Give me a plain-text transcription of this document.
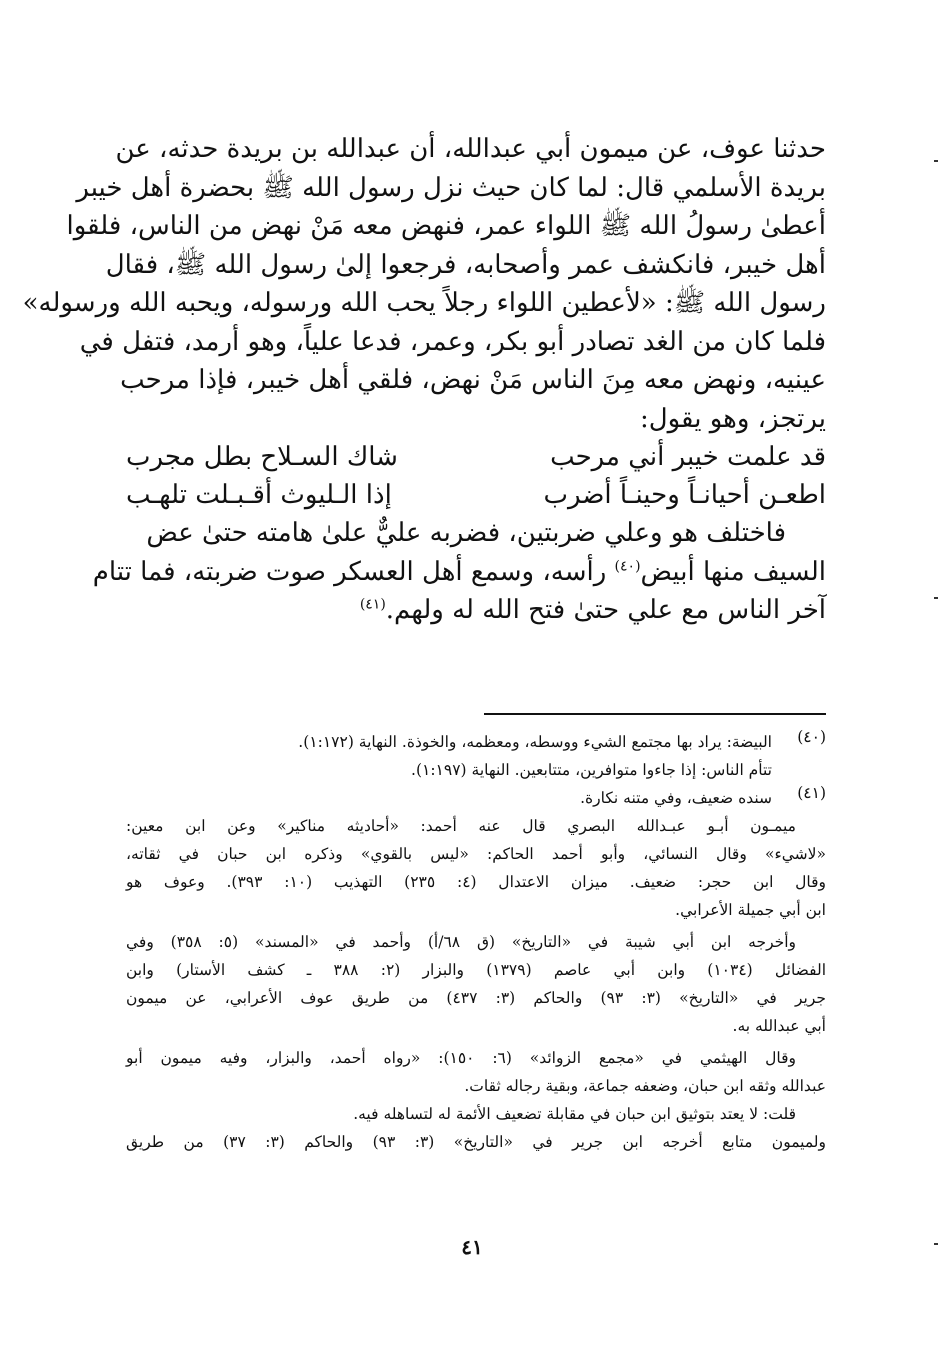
حدثنا عوف، عن ميمون أبي عبدالله، أن عبدالله بن بريدة حدثه، عن

بريدة الأسلمي قال: لما كان حيث نزل رسول الله ﷺ بحضرة أهل خيبر

أعطىٰ رسولُ الله ﷺ اللواء عمر، فنهض معه مَنْ نهض من الناس، فلقوا

أهل خيبر، فانكشف عمر وأصحابه، فرجعوا إلىٰ رسول الله ﷺ، فقال

رسول الله ﷺ: «لأعطين اللواء رجلاً يحب الله ورسوله، ويحبه الله ورسوله»

فلما كان من الغد تصادر أبو بكر، وعمر، فدعا علياً، وهو أرمد، فتفل في

عينيه، ونهض معه مِنَ الناس مَنْ نهض، فلقي أهل خيبر، فإذا مرحب

يرتجز، وهو يقول:

قد علمت خيبر أني مرحب
شاك السـلاح بطل مجرب
اطعـن أحيانـاً وحينـاً أضرب
إذا الـليوث أقـبـلت تلهـب

فاختلف هو وعلي ضربتين، فضربه عليٌّ علىٰ هامته حتىٰ عض

السيف منها أبيض$^{(٤٠)}$ رأسه، وسمع أهل العسكر صوت ضربته، فما تتام

آخر الناس مع علي حتىٰ فتح الله له ولهم.$^{(٤١)}$

(٤٠)

البيضة: يراد بها مجتمع الشيء ووسطه، ومعظمه، والخوذة. النهاية (١:١٧٢).

تتأم الناس: إذا جاءوا متوافرين، متتابعين. النهاية (١:١٩٧).

(٤١)

سنده ضعيف، وفي متنه نكارة.

ميمـون أبـو عبـدالله البصري قال عنه أحمد: «أحاديثه مناكير» وعن ابن معين:

«لاشيء» وقال النسائي، وأبو أحمد الحاكم: «ليس بالقوي» وذكره ابن حبان في ثقاته،

وقال ابن حجر: ضعيف. ميزان الاعتدال (٤: ٢٣٥) التهذيب (١٠: ٣٩٣). وعوف هو

ابن أبي جميلة الأعرابي.

وأخرجه ابن أبي شيبة في «التاريخ» (ق ٦٨/أ) وأحمد في «المسند» (٥: ٣٥٨) وفي

الفضائل (١٠٣٤) وابن أبي عاصم (١٣٧٩) والبزار (٢: ٣٨٨ ـ كشف الأستار) وابن

جرير في «التاريخ» (٣: ٩٣) والحاكم (٣: ٤٣٧) من طريق عوف الأعرابي، عن ميمون

أبي عبدالله به.

وقال الهيثمي في «مجمع الزوائد» (٦: ١٥٠): «رواه أحمد، والبزار، وفيه ميمون أبو

عبدالله وثقه ابن حبان، وضعفه جماعة، وبقية رجاله ثقات.

قلت: لا يعتد بتوثيق ابن حبان في مقابلة تضعيف الأئمة له لتساهله فيه.

ولميمون متابع أخرجه ابن جرير في «التاريخ» (٣: ٩٣) والحاكم (٣: ٣٧) من طريق

٤١
